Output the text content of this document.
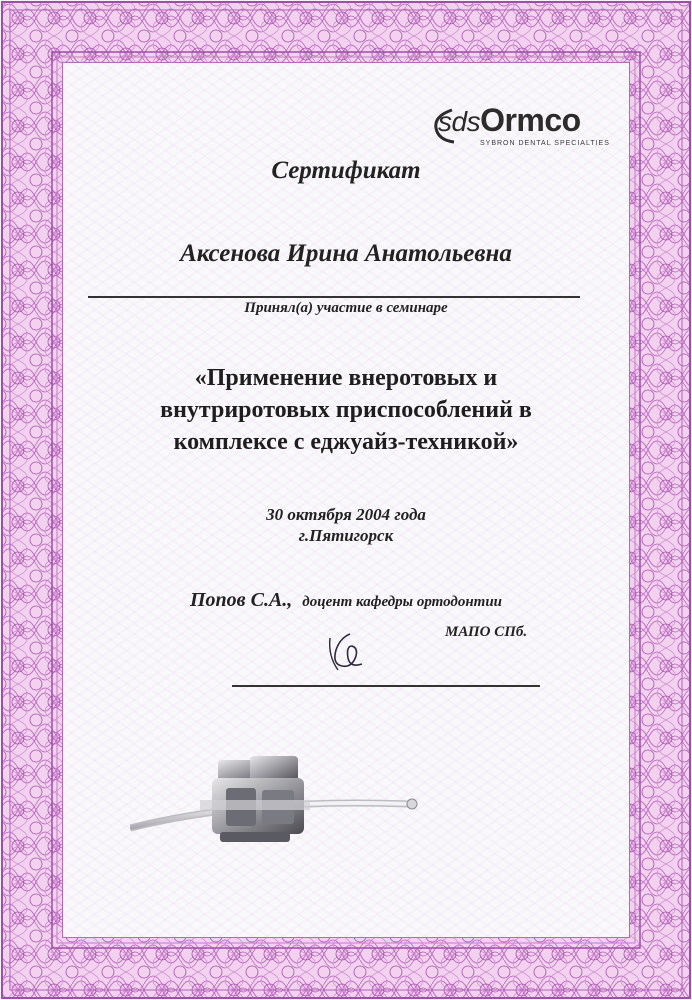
sdsOrmco
SYBRON DENTAL SPECIALTIES
Сертификат
Аксенова Ирина Анатольевна
Принял(а) участие в семинаре
«Применение внеротовых и
внутриротовых приспособлений в
комплексе с еджуайз-техникой»
30 октября 2004 года
г.Пятигорск
Попов С.А., доцент кафедры ортодонтии
МАПО СПб.
